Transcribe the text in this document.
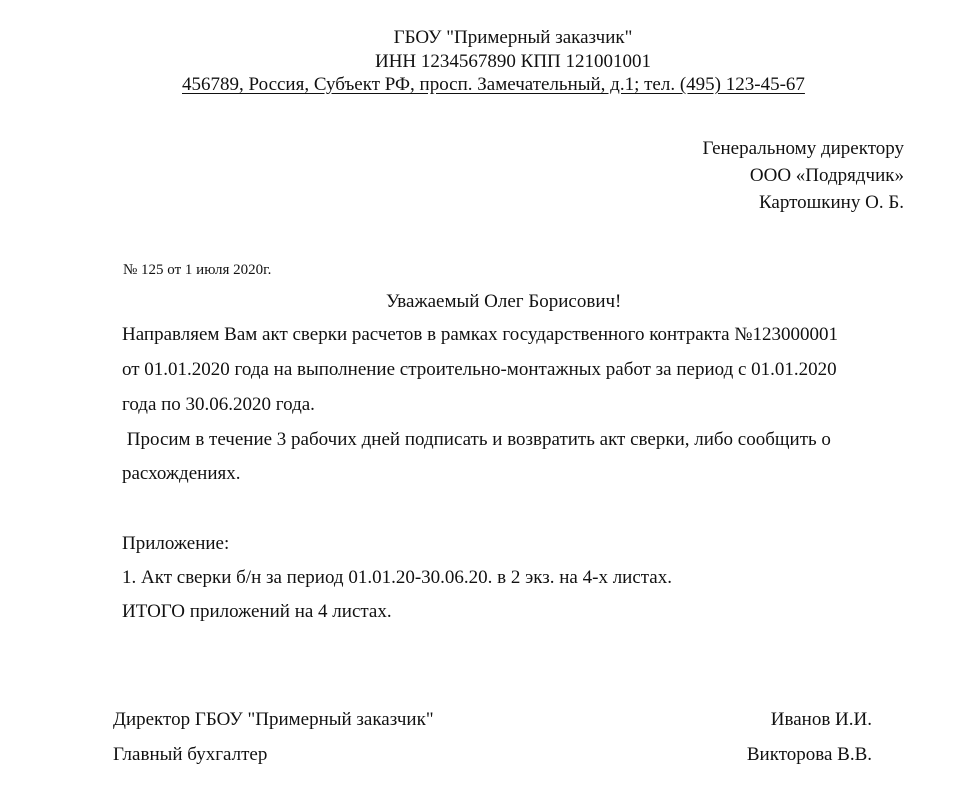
ГБОУ "Примерный заказчик"
ИНН 1234567890 КПП 121001001
456789, Россия, Субъект РФ, просп. Замечательный, д.1; тел. (495) 123-45-67
Генеральному директору
ООО «Подрядчик»
Картошкину О. Б.
№ 125 от 1 июля 2020г.
Уважаемый Олег Борисович!
Направляем Вам акт сверки расчетов в рамках государственного контракта №123000001
от 01.01.2020 года на выполнение строительно-монтажных работ за период с 01.01.2020
года по 30.06.2020 года.
Просим в течение 3 рабочих дней подписать и возвратить акт сверки, либо сообщить о
расхождениях.
Приложение:
1. Акт сверки б/н за период 01.01.20-30.06.20. в 2 экз. на 4-х листах.
ИТОГО приложений на 4 листах.
Директор ГБОУ "Примерный заказчик"	Иванов И.И.
Главный бухгалтер	Викторова В.В.
